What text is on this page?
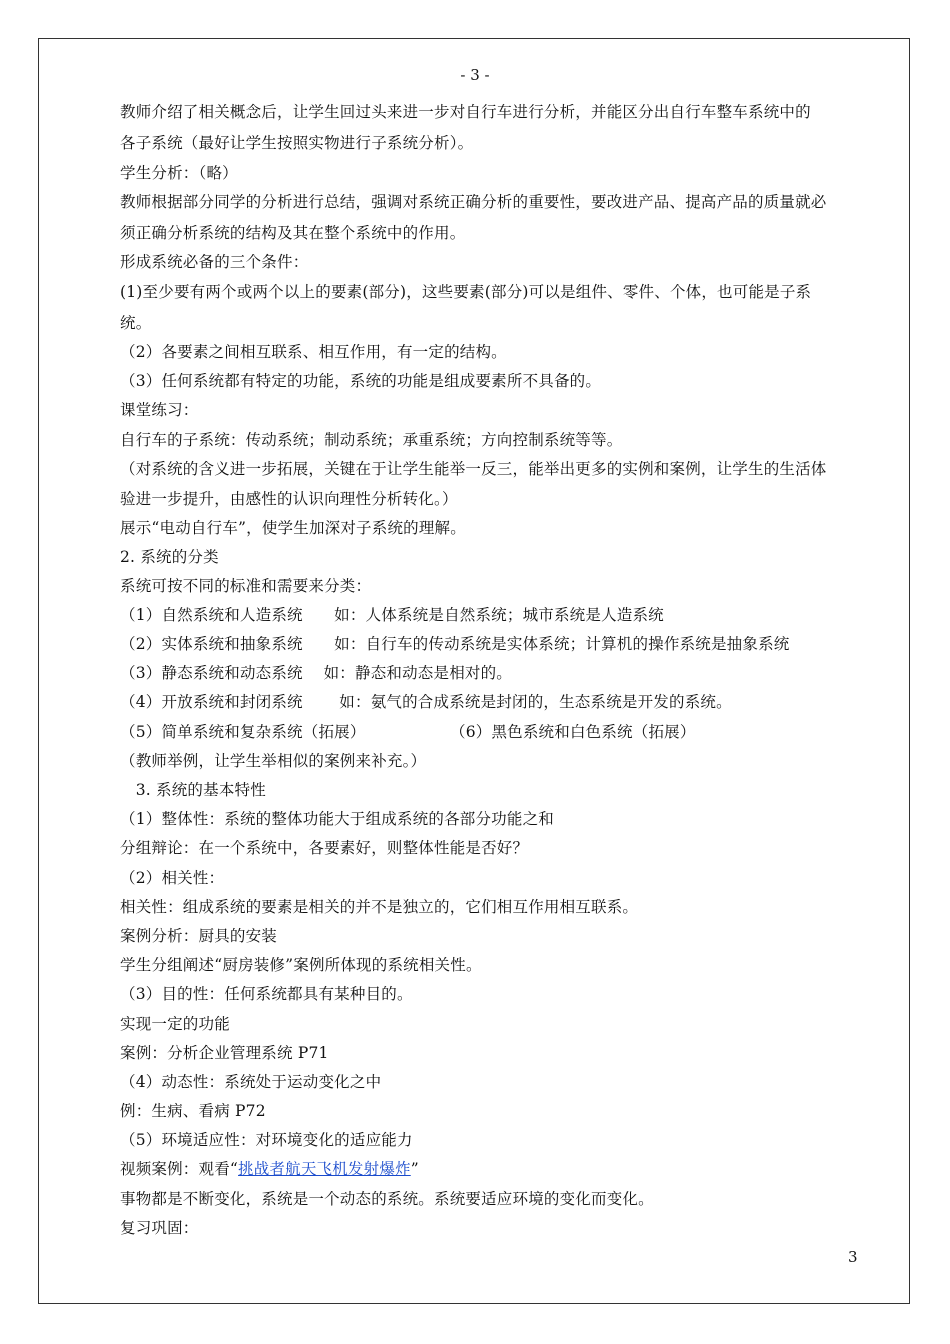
- 3 -
教师介绍了相关概念后，让学生回过头来进一步对自行车进行分析，并能区分出自行车整车系统中的
各子系统（最好让学生按照实物进行子系统分析）。
学生分析：（略）
教师根据部分同学的分析进行总结，强调对系统正确分析的重要性，要改进产品、提高产品的质量就必
须正确分析系统的结构及其在整个系统中的作用。
形成系统必备的三个条件：
(1)至少要有两个或两个以上的要素(部分)，这些要素(部分)可以是组件、零件、个体，也可能是子系
统。
（2）各要素之间相互联系、相互作用，有一定的结构。
（3）任何系统都有特定的功能，系统的功能是组成要素所不具备的。
课堂练习：
自行车的子系统：传动系统；制动系统；承重系统；方向控制系统等等。
（对系统的含义进一步拓展，关键在于让学生能举一反三，能举出更多的实例和案例，让学生的生活体
验进一步提升，由感性的认识向理性分析转化。）
展示“电动自行车”，使学生加深对子系统的理解。
2. 系统的分类
系统可按不同的标准和需要来分类：
（1）自然系统和人造系统　　如：人体系统是自然系统；城市系统是人造系统
（2）实体系统和抽象系统　　如：自行车的传动系统是实体系统；计算机的操作系统是抽象系统
（3）静态系统和动态系统　 如：静态和动态是相对的。
（4）开放系统和封闭系统　　 如：氨气的合成系统是封闭的，生态系统是开发的系统。
（5）简单系统和复杂系统（拓展）	（6）黑色系统和白色系统（拓展）
（教师举例，让学生举相似的案例来补充。）
　3. 系统的基本特性
（1）整体性：系统的整体功能大于组成系统的各部分功能之和
分组辩论：在一个系统中，各要素好，则整体性能是否好？
（2）相关性：
相关性：组成系统的要素是相关的并不是独立的，它们相互作用相互联系。
案例分析：厨具的安装
学生分组阐述“厨房装修”案例所体现的系统相关性。
（3）目的性：任何系统都具有某种目的。
实现一定的功能
案例：分析企业管理系统 P71
（4）动态性：系统处于运动变化之中
例：生病、看病 P72
（5）环境适应性：对环境变化的适应能力
视频案例：观看“挑战者航天飞机发射爆炸”
事物都是不断变化，系统是一个动态的系统。系统要适应环境的变化而变化。
复习巩固：
3
